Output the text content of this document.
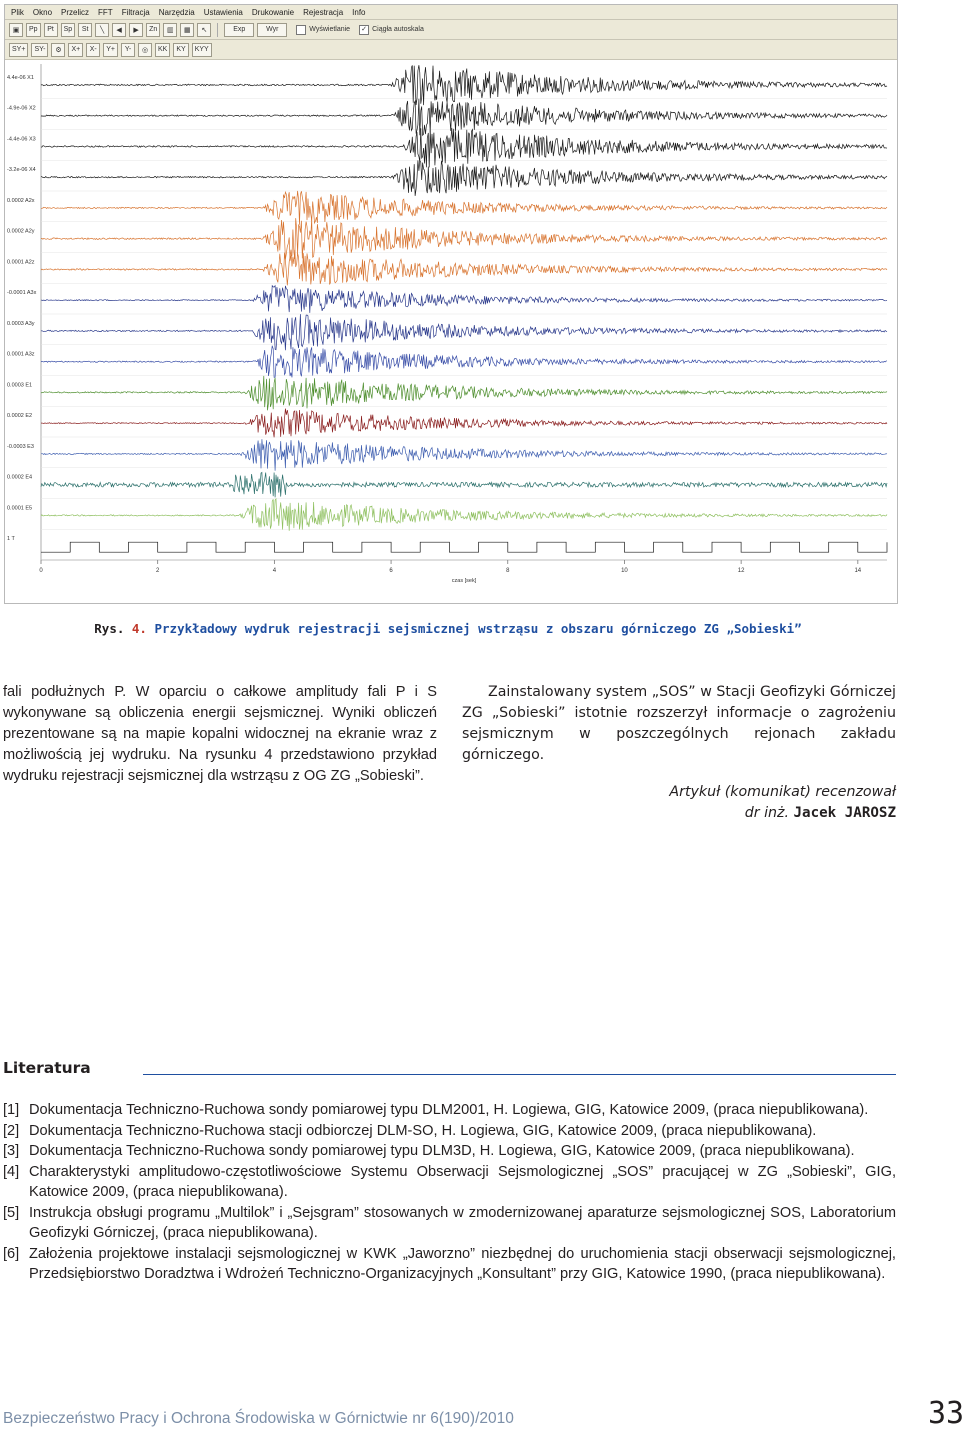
Plik Okno Przelicz FFT Filtracja Narzędzia Ustawienia Drukowanie Rejestracja Info
▣	Pp	Pt	Sp	St	╲	◀	▶	Zn	▥	▦	↖	Exp	Wyr	Wyświetlanie ✓ Ciągła autoskala
SY+	SY-	⚙	X+	X-	Y+	Y-	◎	KK	KY	KYY
4.4e-06 X1
-4.9e-06 X2
-4.4e-06 X3
-3.2e-06 X4
0.0002 A2x
0.0002 A2y
0.0001 A2z
-0.0001 A3x
0.0003 A3y
0.0001 A3z
0.0003 E1
0.0002 E2
-0.0003 E3
0.0002 E4
0.0001 E5
1 T
0	2	4	6	8	10	12	14
czas [sek]
Rys. 4. Przykładowy wydruk rejestracji sejsmicznej wstrząsu z obszaru górniczego ZG „Sobieski”

fali podłużnych P. W oparciu o całkowe amplitudy fali P i S wykonywane są obliczenia energii sejsmicznej. Wyniki obliczeń prezentowane są na mapie kopalni widocznej na ekranie wraz z możliwością jej wydruku. Na rysunku 4 przedstawiono przykład wydruku rejestracji sejsmicznej dla wstrząsu z OG ZG „Sobieski”.

Zainstalowany system „SOS” w Stacji Geofizyki Górniczej ZG „Sobieski” istotnie rozszerzył informacje o zagrożeniu sejsmicznym w poszczególnych rejonach zakładu górniczego.

Artykuł (komunikat) recenzował
dr inż. Jacek JAROSZ
Literatura
[1] Dokumentacja Techniczno-Ruchowa sondy pomiarowej typu DLM2001, H. Logiewa, GIG, Katowice 2009, (praca niepublikowana).
[2] Dokumentacja Techniczno-Ruchowa stacji odbiorczej DLM-SO, H. Logiewa, GIG, Katowice 2009, (praca niepublikowana).
[3] Dokumentacja Techniczno-Ruchowa sondy pomiarowej typu DLM3D, H. Logiewa, GIG, Katowice 2009, (praca niepublikowana).
[4] Charakterystyki amplitudowo-częstotliwościowe Systemu Obserwacji Sejsmologicznej „SOS” pracującej w ZG „Sobieski”, GIG, Katowice 2009, (praca niepublikowana).
[5] Instrukcja obsługi programu „Multilok” i „Sejsgram” stosowanych w zmodernizowanej aparaturze sejsmologicznej SOS, Laboratorium Geofizyki Górniczej, (praca niepublikowana).
[6] Założenia projektowe instalacji sejsmologicznej w KWK „Jaworzno” niezbędnej do uruchomienia stacji obserwacji sejsmologicznej, Przedsiębiorstwo Doradztwa i Wdrożeń Techniczno-Organizacyjnych „Konsultant” przy GIG, Katowice 1990, (praca niepublikowana).
Bezpieczeństwo Pracy i Ochrona Środowiska w Górnictwie nr 6(190)/2010	33
